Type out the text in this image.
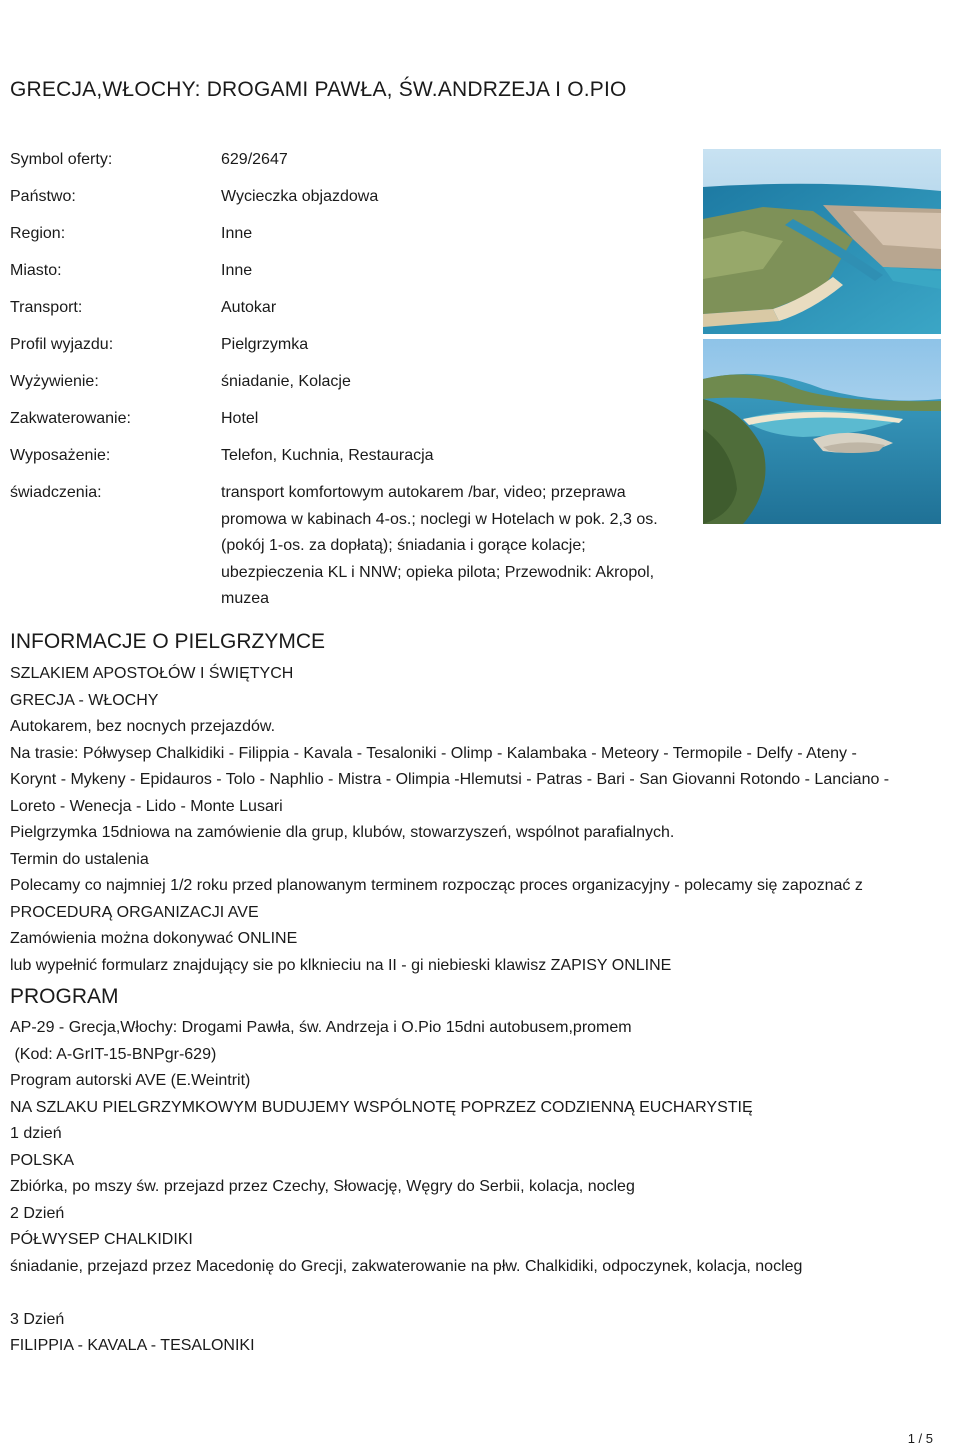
GRECJA,WŁOCHY: DROGAMI PAWŁA, ŚW.ANDRZEJA I O.PIO
Symbol oferty:	629/2647
Państwo:	Wycieczka objazdowa
Region:	Inne
Miasto:	Inne
Transport:	Autokar
Profil wyjazdu:	Pielgrzymka
Wyżywienie:	śniadanie, Kolacje
Zakwaterowanie:	Hotel
Wyposażenie:	Telefon, Kuchnia, Restauracja
świadczenia:	transport komfortowym autokarem /bar, video; przeprawa
promowa w kabinach 4-os.; noclegi w Hotelach w pok. 2,3 os.
(pokój 1-os. za dopłatą); śniadania i gorące kolacje;
ubezpieczenia KL i NNW; opieka pilota; Przewodnik: Akropol,
muzea
INFORMACJE O PIELGRZYMCE
SZLAKIEM APOSTOŁÓW I ŚWIĘTYCH
GRECJA - WŁOCHY
Autokarem, bez nocnych przejazdów.
Na trasie: Półwysep Chalkidiki - Filippia - Kavala - Tesaloniki - Olimp - Kalambaka - Meteory - Termopile - Delfy - Ateny -
Korynt - Mykeny - Epidauros - Tolo - Naphlio - Mistra - Olimpia -Hlemutsi - Patras - Bari - San Giovanni Rotondo - Lanciano -
Loreto - Wenecja - Lido - Monte Lusari
Pielgrzymka 15dniowa na zamówienie dla grup, klubów, stowarzyszeń, wspólnot parafialnych.
Termin do ustalenia
Polecamy co najmniej 1/2 roku przed planowanym terminem rozpocząc proces organizacyjny - polecamy się zapoznać z
PROCEDURĄ ORGANIZACJI AVE
Zamówienia można dokonywać ONLINE
lub wypełnić formularz znajdujący sie po klknieciu na II - gi niebieski klawisz ZAPISY ONLINE
PROGRAM
AP-29 - Grecja,Włochy: Drogami Pawła, św. Andrzeja i O.Pio 15dni autobusem,promem
(Kod: A-GrIT-15-BNPgr-629)
Program autorski AVE (E.Weintrit)
NA SZLAKU PIELGRZYMKOWYM BUDUJEMY WSPÓLNOTĘ POPRZEZ CODZIENNĄ EUCHARYSTIĘ
1 dzień
POLSKA
Zbiórka, po mszy św. przejazd przez Czechy, Słowację, Węgry do Serbii, kolacja, nocleg
2 Dzień
PÓŁWYSEP CHALKIDIKI
śniadanie, przejazd przez Macedonię do Grecji, zakwaterowanie na płw. Chalkidiki, odpoczynek, kolacja, nocleg
3 Dzień
FILIPPIA - KAVALA - TESALONIKI
1 / 5
